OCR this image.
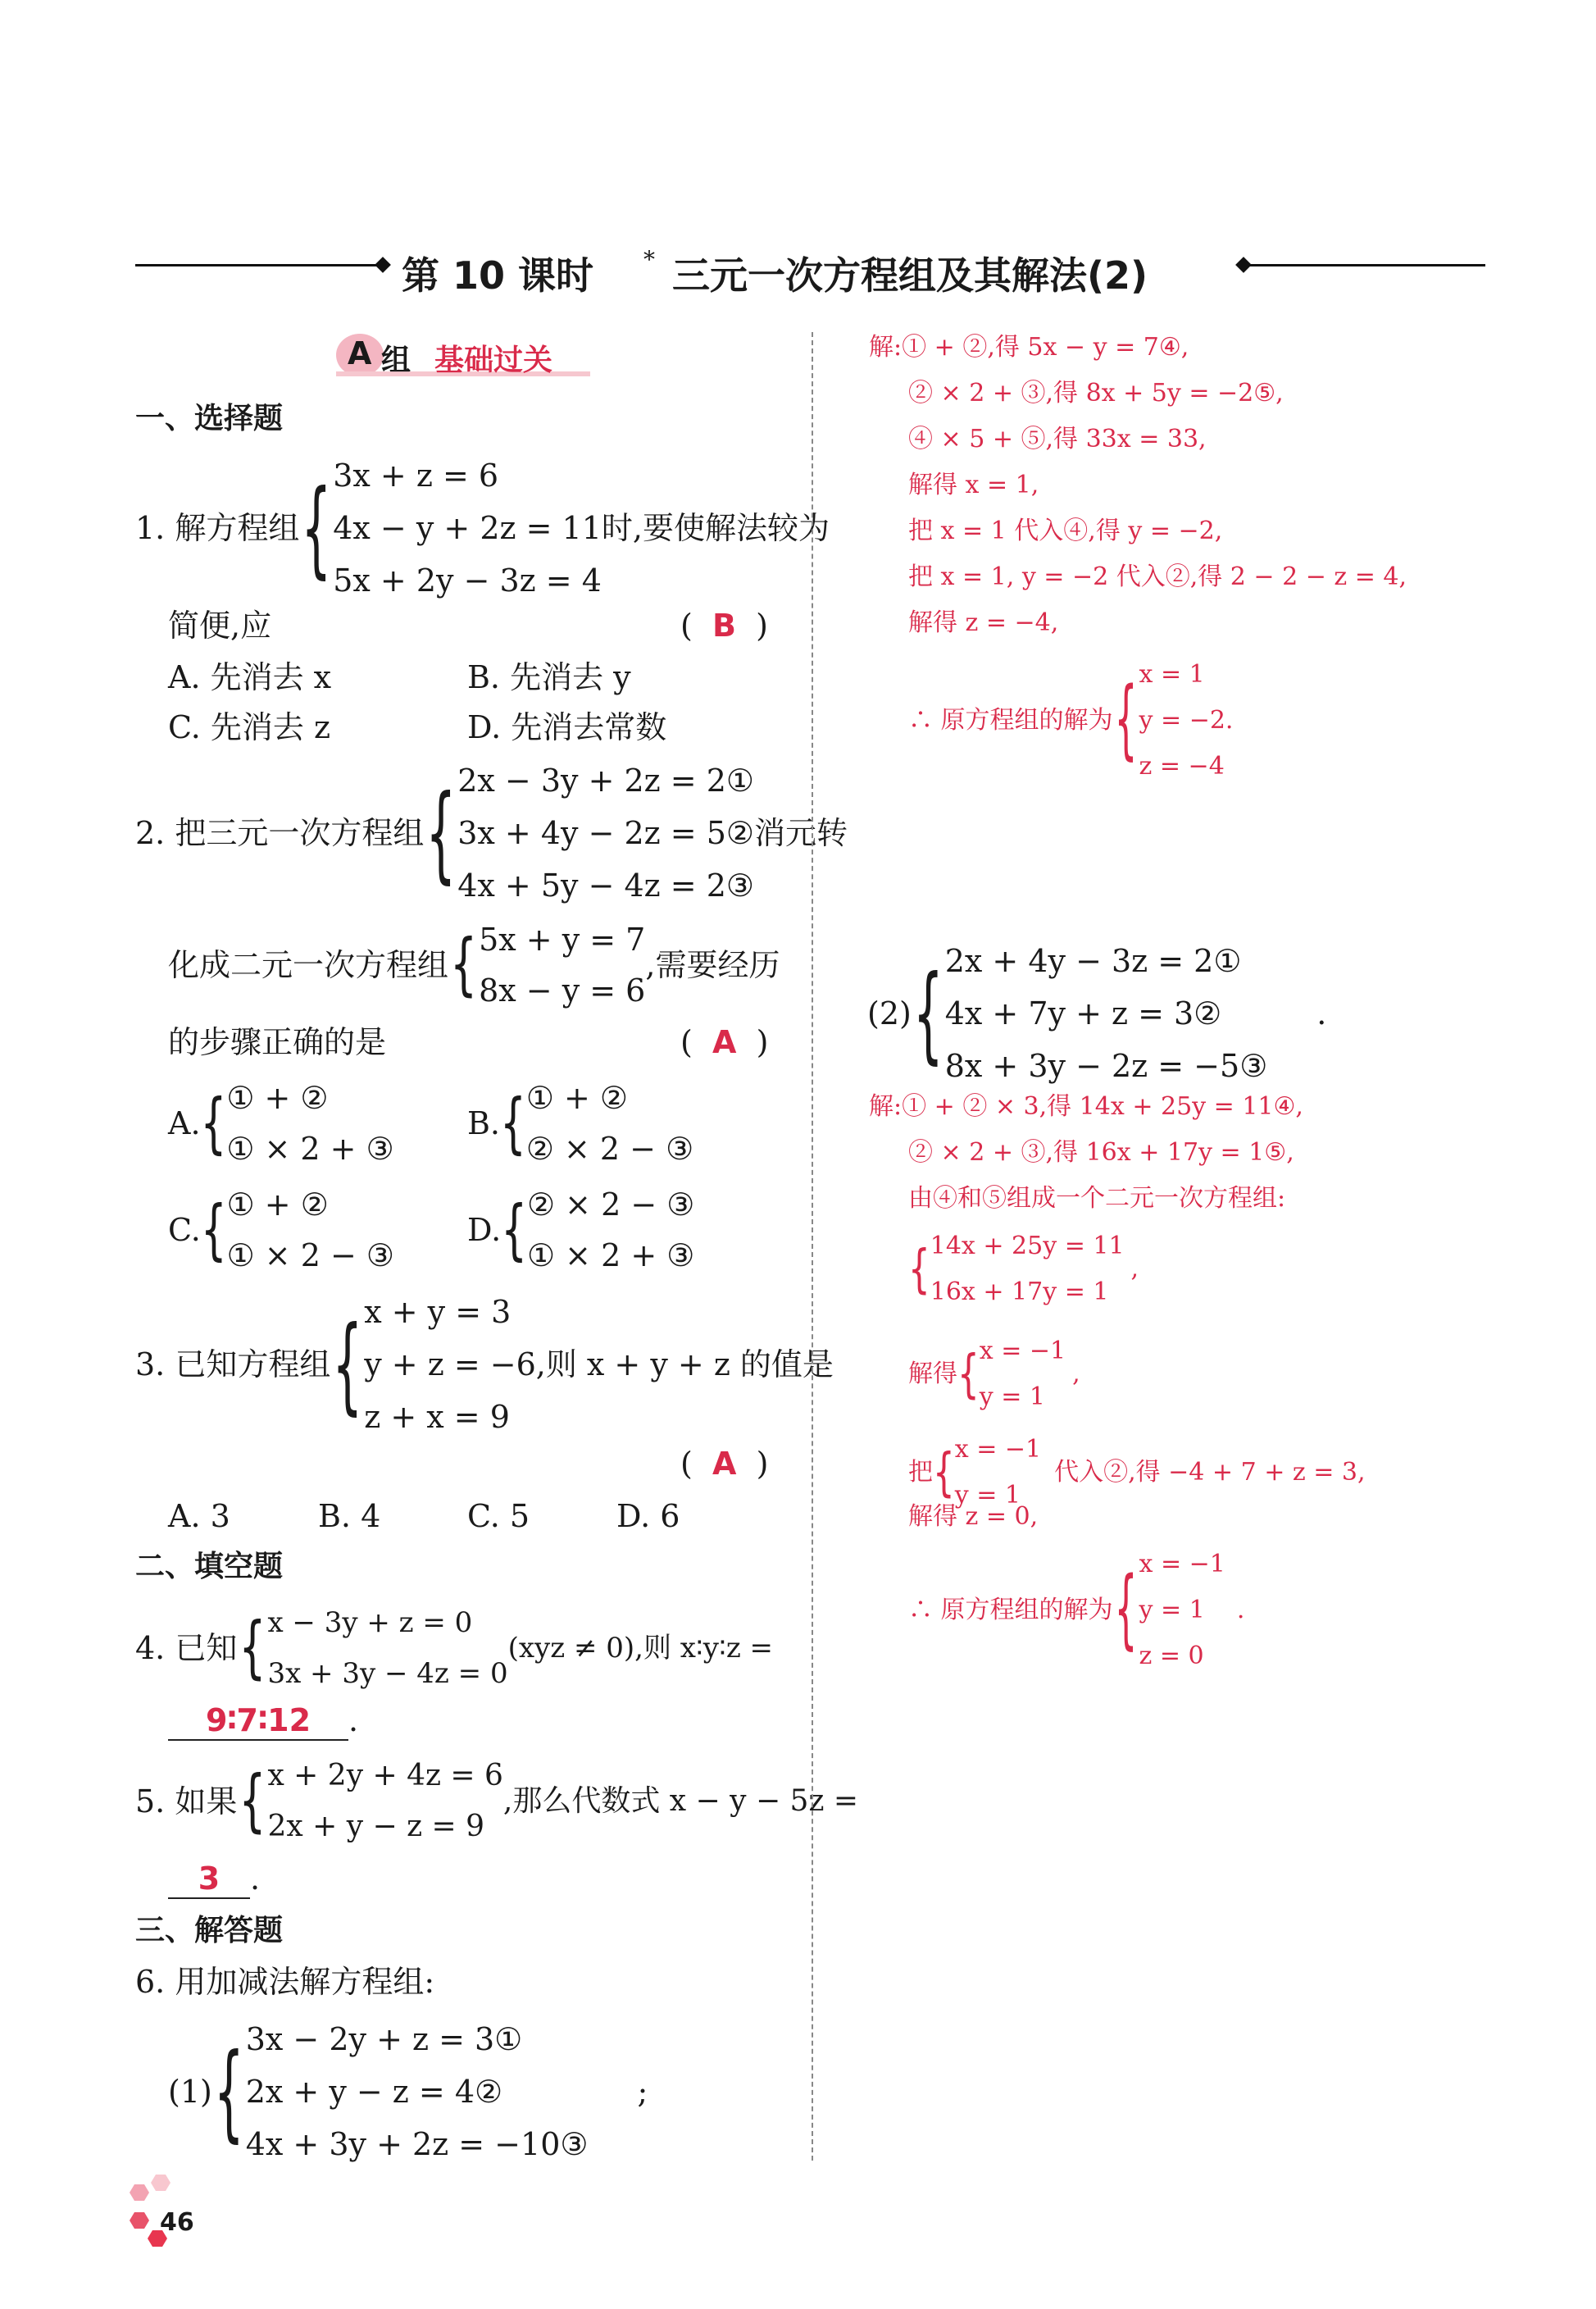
第 10 课时 * 三元一次方程组及其解法(2)
A 组 基础过关
一、选择题
1. 解方程组 { 3x + z = 6
4x − y + 2z = 11
5x + 2y − 3z = 4
时,要使解法较为
简便,应	(  B  )
A. 先消去 x	B. 先消去 y
C. 先消去 z	D. 先消去常数
2. 把三元一次方程组 { 2x − 3y + 2z = 2①
3x + 4y − 2z = 5②
4x + 5y − 4z = 2③
消元转
化成二元一次方程组 { 5x + y = 7
8x − y = 6
,需要经历
的步骤正确的是	(  A  )
A. { ① + ②
① × 2 + ③
B. { ① + ②
② × 2 − ③
C. { ① + ②
① × 2 − ③
D. { ② × 2 − ③
① × 2 + ③
3. 已知方程组 { x + y = 3
y + z = −6
z + x = 9
,则 x + y + z 的值是
(  A  )
A. 3	B. 4	C. 5	D. 6
二、填空题
4. 已知 { x − 3y + z = 0
3x + 3y − 4z = 0
(xyz ≠ 0),则 x∶y∶z =
9∶7∶12 .
5. 如果 { x + 2y + 4z = 6
2x + y − z = 9
,那么代数式 x − y − 5z =
3 .
三、解答题
6. 用加减法解方程组:
(1) { 3x − 2y + z = 3①
2x + y − z = 4②
4x + 3y + 2z = −10③
;
解:① + ②,得 5x − y = 7④,
② × 2 + ③,得 8x + 5y = −2⑤,
④ × 5 + ⑤,得 33x = 33,
解得 x = 1,
把 x = 1 代入④,得 y = −2,
把 x = 1, y = −2 代入②,得 2 − 2 − z = 4,
解得 z = −4,
∴ 原方程组的解为 { x = 1
y = −2.
z = −4
(2) { 2x + 4y − 3z = 2①
4x + 7y + z = 3②
8x + 3y − 2z = −5③
.
解:① + ② × 3,得 14x + 25y = 11④,
② × 2 + ③,得 16x + 17y = 1⑤,
由④和⑤组成一个二元一次方程组:
{ 14x + 25y = 11
16x + 17y = 1
,
解得 { x = −1
y = 1
,
把 { x = −1
y = 1
代入②,得 −4 + 7 + z = 3,
解得 z = 0,
∴ 原方程组的解为 { x = −1
y = 1
z = 0
.
46
